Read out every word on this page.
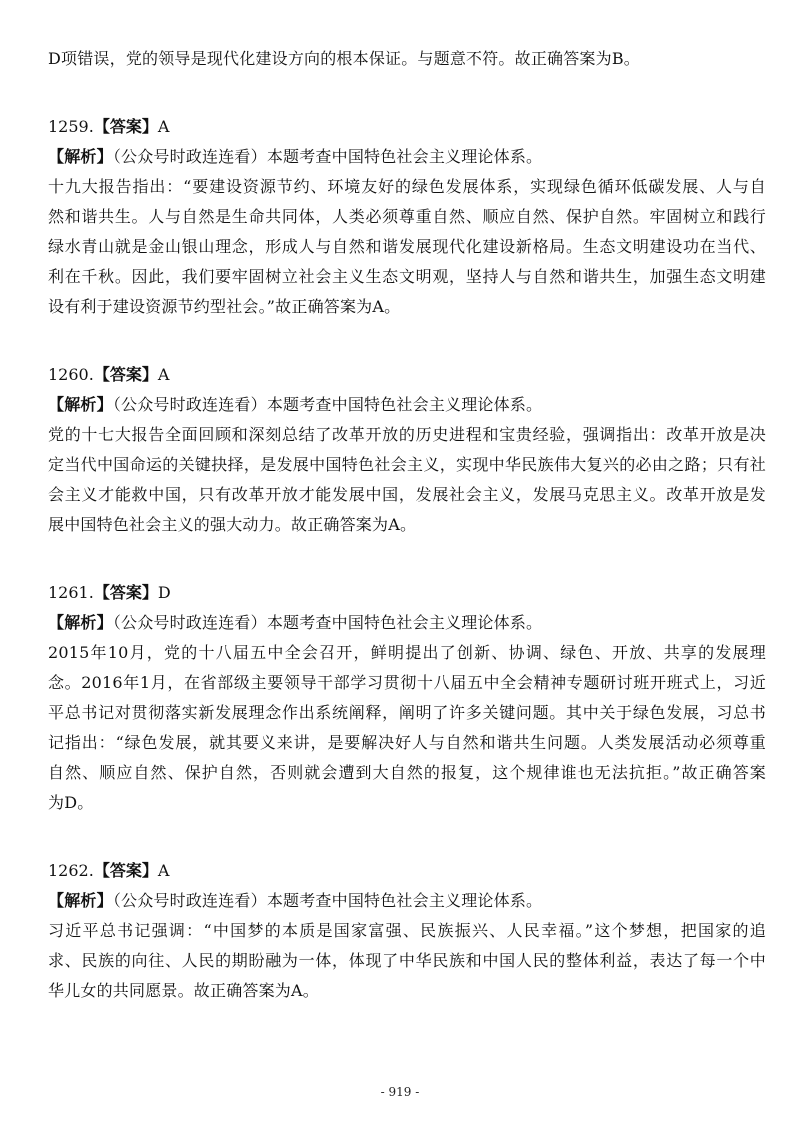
D项错误，党的领导是现代化建设方向的根本保证。与题意不符。故正确答案为B。
1259.【答案】A
【解析】（公众号时政连连看）本题考查中国特色社会主义理论体系。
十九大报告指出：“要建设资源节约、环境友好的绿色发展体系，实现绿色循环低碳发展、人与自
然和谐共生。人与自然是生命共同体，人类必须尊重自然、顺应自然、保护自然。牢固树立和践行
绿水青山就是金山银山理念，形成人与自然和谐发展现代化建设新格局。生态文明建设功在当代、
利在千秋。因此，我们要牢固树立社会主义生态文明观，坚持人与自然和谐共生，加强生态文明建
设有利于建设资源节约型社会。”故正确答案为A。
1260.【答案】A
【解析】（公众号时政连连看）本题考查中国特色社会主义理论体系。
党的十七大报告全面回顾和深刻总结了改革开放的历史进程和宝贵经验，强调指出：改革开放是决
定当代中国命运的关键抉择，是发展中国特色社会主义，实现中华民族伟大复兴的必由之路；只有社
会主义才能救中国，只有改革开放才能发展中国，发展社会主义，发展马克思主义。改革开放是发
展中国特色社会主义的强大动力。故正确答案为A。
1261.【答案】D
【解析】（公众号时政连连看）本题考查中国特色社会主义理论体系。
2015年10月，党的十八届五中全会召开，鲜明提出了创新、协调、绿色、开放、共享的发展理
念。2016年1月，在省部级主要领导干部学习贯彻十八届五中全会精神专题研讨班开班式上，习近
平总书记对贯彻落实新发展理念作出系统阐释，阐明了许多关键问题。其中关于绿色发展，习总书
记指出：“绿色发展，就其要义来讲，是要解决好人与自然和谐共生问题。人类发展活动必须尊重
自然、顺应自然、保护自然，否则就会遭到大自然的报复，这个规律谁也无法抗拒。”故正确答案
为D。
1262.【答案】A
【解析】（公众号时政连连看）本题考查中国特色社会主义理论体系。
习近平总书记强调：“中国梦的本质是国家富强、民族振兴、人民幸福。”这个梦想，把国家的追
求、民族的向往、人民的期盼融为一体，体现了中华民族和中国人民的整体利益，表达了每一个中
华儿女的共同愿景。故正确答案为A。
- 919 -
